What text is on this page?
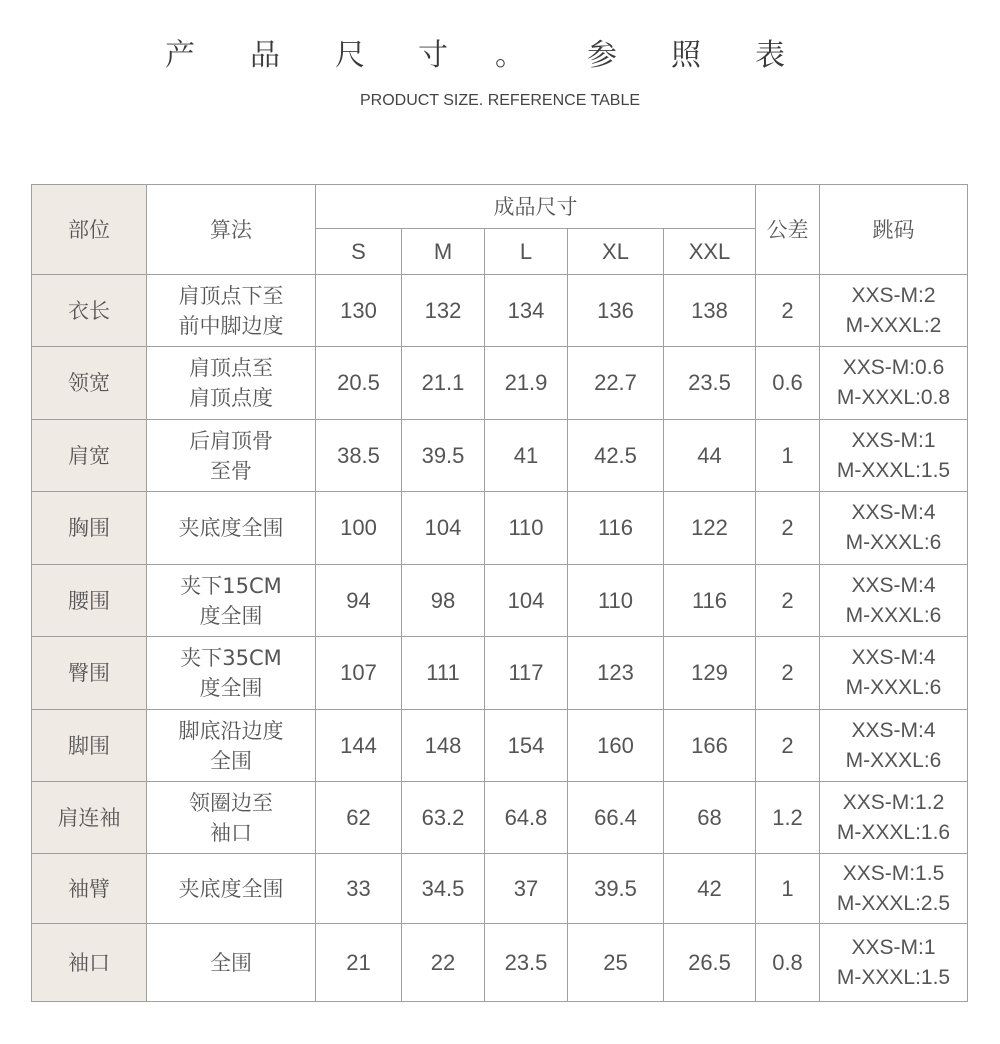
产 品 尺 寸 。 参 照 表
PRODUCT SIZE. REFERENCE TABLE
部位	算法	成品尺寸					公差	跳码
		S	M	L	XL	XXL		
衣长	肩顶点下至
前中脚边度	130	132	134	136	138	2	XXS-M:2
M-XXXL:2

领宽	肩顶点至
肩顶点度	20.5	21.1	21.9	22.7	23.5	0.6	XXS-M:0.6
M-XXXL:0.8

肩宽	后肩顶骨
至骨	38.5	39.5	41	42.5	44	1	XXS-M:1
M-XXXL:1.5

胸围	夹底度全围	100	104	110	116	122	2	XXS-M:4
M-XXXL:6

腰围	夹下15CM
度全围	94	98	104	110	116	2	XXS-M:4
M-XXXL:6

臀围	夹下35CM
度全围	107	111	117	123	129	2	XXS-M:4
M-XXXL:6

脚围	脚底沿边度
全围	144	148	154	160	166	2	XXS-M:4
M-XXXL:6

肩连袖	领圈边至
袖口	62	63.2	64.8	66.4	68	1.2	XXS-M:1.2
M-XXXL:1.6

袖臂	夹底度全围	33	34.5	37	39.5	42	1	XXS-M:1.5
M-XXXL:2.5

袖口	全围	21	22	23.5	25	26.5	0.8	XXS-M:1
M-XXXL:1.5
